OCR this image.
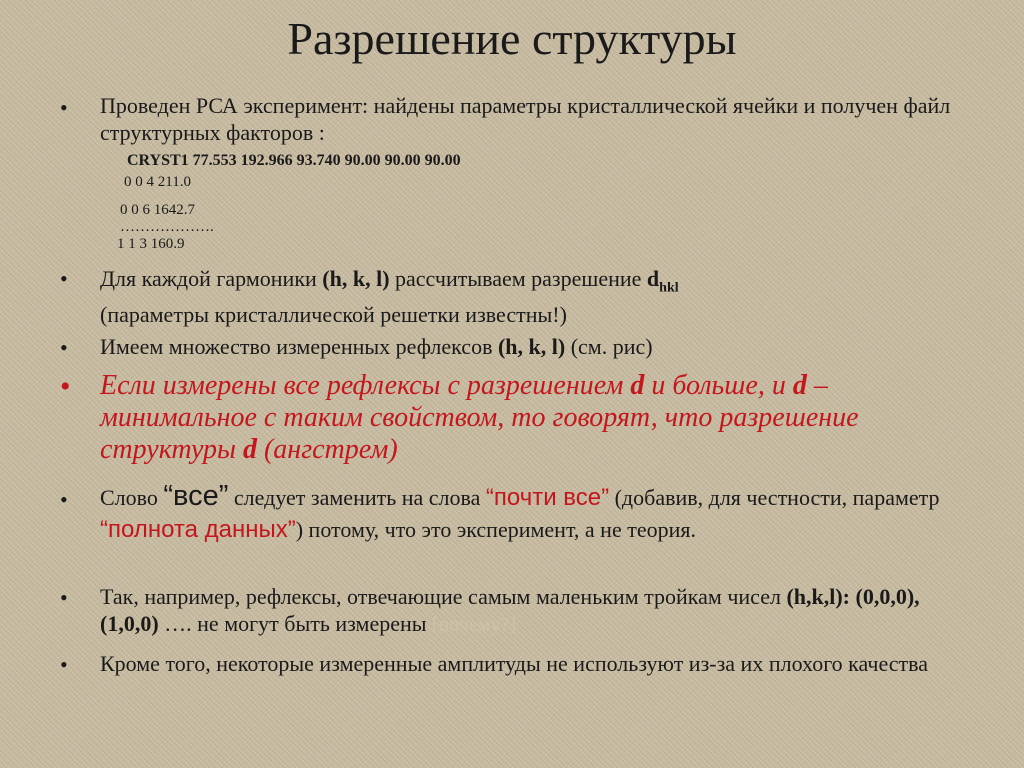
Разрешение структуры
• Проведен РСА эксперимент: найдены параметры кристаллической ячейки и получен файл структурных факторов :
CRYST1 77.553 192.966 93.740 90.00 90.00 90.00
0 0 4 211.0
0 0 6 1642.7
……………….
1 1 3 160.9
• Для каждой гармоники (h, k, l) рассчитываем разрешение $d_{hkl}$
(параметры кристаллической решетки известны!)
• Имеем множество измеренных рефлексов (h, k, l) (см. рис)
• Если измерены все рефлексы с разрешением d и больше, и d – минимальное с таким свойством, то говорят, что разрешение структуры d (ангстрем)
• Слово “все” следует заменить на слова “почти все” (добавив, для честности, параметр “полнота данных”) потому, что это эксперимент, а не теория.
• Так, например, рефлексы, отвечающие самым маленьким тройкам чисел (h,k,l): (0,0,0), (1,0,0) …. не могут быть измерены [почему?]
• Кроме того, некоторые измеренные амплитуды не используют из-за их плохого качества
